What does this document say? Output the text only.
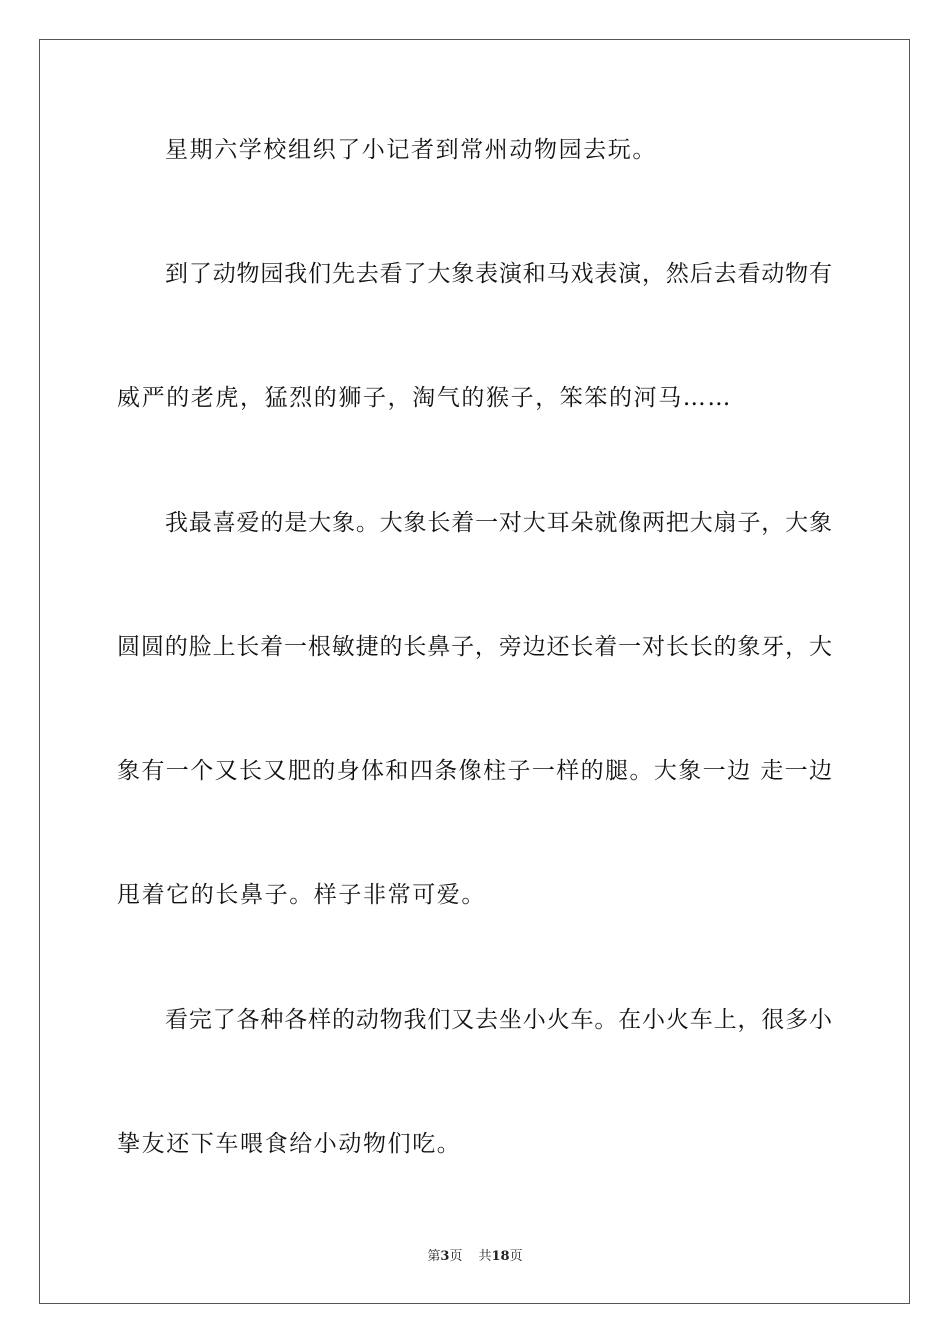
星期六学校组织了小记者到常州动物园去玩。
到了动物园我们先去看了大象表演和马戏表演，然后去看动物有
威严的老虎，猛烈的狮子，淘气的猴子，笨笨的河马……
我最喜爱的是大象。大象长着一对大耳朵就像两把大扇子，大象
圆圆的脸上长着一根敏捷的长鼻子，旁边还长着一对长长的象牙，大
象有一个又长又肥的身体和四条像柱子一样的腿。大象一边 走一边
甩着它的长鼻子。样子非常可爱。
看完了各种各样的动物我们又去坐小火车。在小火车上，很多小
挚友还下车喂食给小动物们吃。
第3页 共18页
